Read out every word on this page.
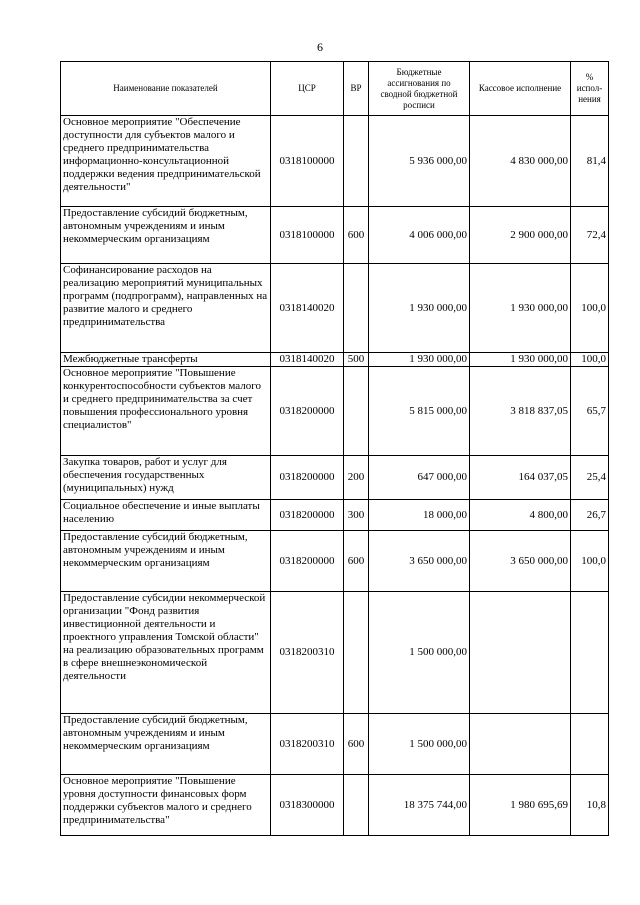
6
Наименование показателей	ЦСР	ВР	Бюджетные ассигнования по сводной бюджетной росписи	Кассовое исполнение	% испол-нения
Основное мероприятие "Обеспечение доступности для субъектов малого и среднего предпринимательства информационно-консультационной поддержки ведения предпринимательской деятельности"	0318100000		5 936 000,00	4 830 000,00	81,4
Предоставление субсидий бюджетным, автономным учреждениям и иным некоммерческим организациям	0318100000	600	4 006 000,00	2 900 000,00	72,4
Софинансирование расходов на реализацию мероприятий муниципальных программ (подпрограмм), направленных на развитие малого и среднего предпринимательства	0318140020		1 930 000,00	1 930 000,00	100,0
Межбюджетные трансферты	0318140020	500	1 930 000,00	1 930 000,00	100,0
Основное мероприятие "Повышение конкурентоспособности субъектов малого и среднего предпринимательства за счет повышения профессионального уровня специалистов"	0318200000		5 815 000,00	3 818 837,05	65,7
Закупка товаров, работ и услуг для обеспечения государственных (муниципальных) нужд	0318200000	200	647 000,00	164 037,05	25,4
Социальное обеспечение и иные выплаты населению	0318200000	300	18 000,00	4 800,00	26,7
Предоставление субсидий бюджетным, автономным учреждениям и иным некоммерческим организациям	0318200000	600	3 650 000,00	3 650 000,00	100,0
Предоставление субсидии некоммерческой организации "Фонд развития инвестиционной деятельности и проектного управления Томской области" на реализацию образовательных программ в сфере внешнеэкономической деятельности	0318200310		1 500 000,00		
Предоставление субсидий бюджетным, автономным учреждениям и иным некоммерческим организациям	0318200310	600	1 500 000,00		
Основное мероприятие "Повышение уровня доступности финансовых форм поддержки субъектов малого и среднего предпринимательства"	0318300000		18 375 744,00	1 980 695,69	10,8
